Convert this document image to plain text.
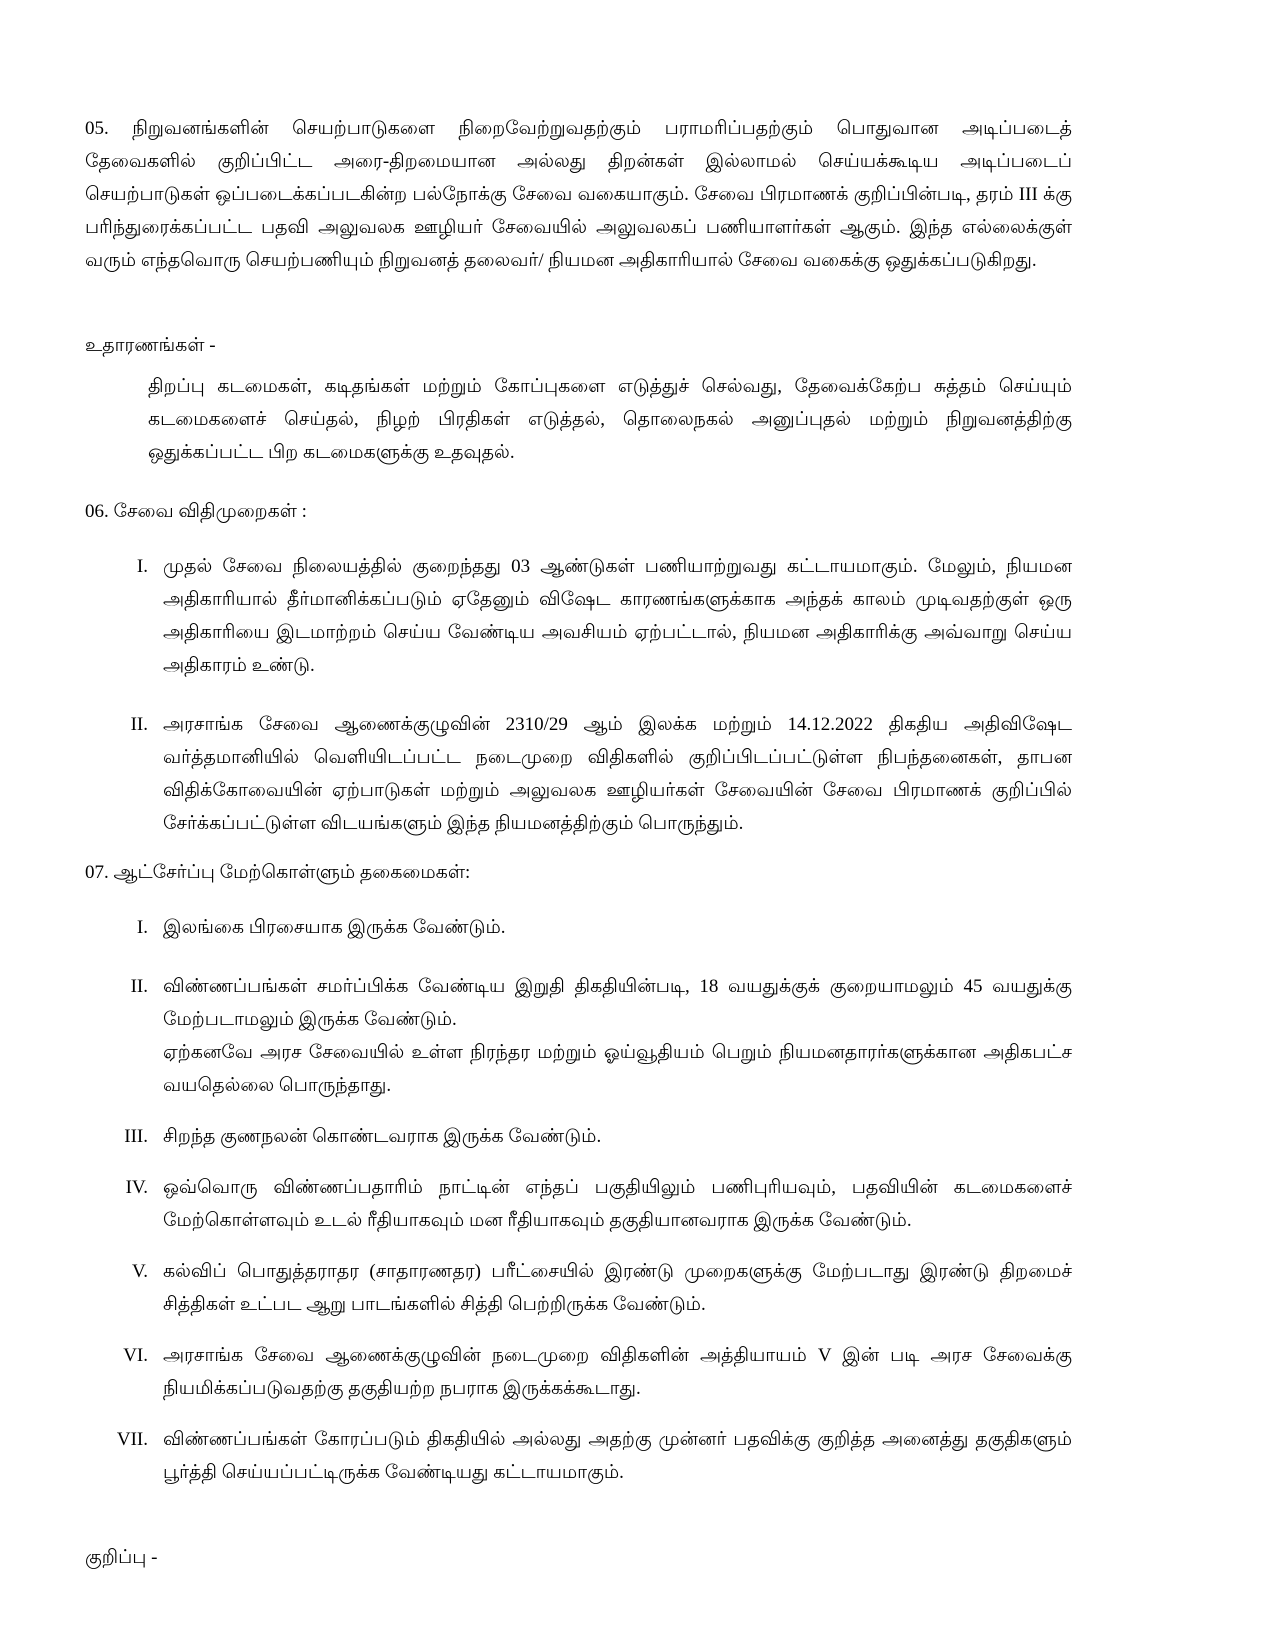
05. நிறுவனங்களின் செயற்பாடுகளை நிறைவேற்றுவதற்கும் பராமரிப்பதற்கும் பொதுவான அடிப்படைத் தேவைகளில் குறிப்பிட்ட அரை-திறமையான அல்லது திறன்கள் இல்லாமல் செய்யக்கூடிய அடிப்படைப் செயற்பாடுகள் ஒப்படைக்கப்படகின்ற பல்நோக்கு சேவை வகையாகும். சேவை பிரமாணக் குறிப்பின்படி, தரம் III க்கு பரிந்துரைக்கப்பட்ட பதவி அலுவலக ஊழியர் சேவையில் அலுவலகப் பணியாளர்கள் ஆகும். இந்த எல்லைக்குள் வரும் எந்தவொரு செயற்பணியும் நிறுவனத் தலைவர்/ நியமன அதிகாரியால் சேவை வகைக்கு ஒதுக்கப்படுகிறது.

உதாரணங்கள் -

திறப்பு கடமைகள், கடிதங்கள் மற்றும் கோப்புகளை எடுத்துச் செல்வது, தேவைக்கேற்ப சுத்தம் செய்யும் கடமைகளைச் செய்தல், நிழற் பிரதிகள் எடுத்தல், தொலைநகல் அனுப்புதல் மற்றும் நிறுவனத்திற்கு ஒதுக்கப்பட்ட பிற கடமைகளுக்கு உதவுதல்.

06. சேவை விதிமுறைகள் :

I. முதல் சேவை நிலையத்தில் குறைந்தது 03 ஆண்டுகள் பணியாற்றுவது கட்டாயமாகும். மேலும், நியமன அதிகாரியால் தீர்மானிக்கப்படும் ஏதேனும் விஷேட காரணங்களுக்காக அந்தக் காலம் முடிவதற்குள் ஒரு அதிகாரியை இடமாற்றம் செய்ய வேண்டிய அவசியம் ஏற்பட்டால், நியமன அதிகாரிக்கு அவ்வாறு செய்ய அதிகாரம் உண்டு.
II. அரசாங்க சேவை ஆணைக்குழுவின் 2310/29 ஆம் இலக்க மற்றும் 14.12.2022 திகதிய அதிவிஷேட வர்த்தமானியில் வெளியிடப்பட்ட நடைமுறை விதிகளில் குறிப்பிடப்பட்டுள்ள நிபந்தனைகள், தாபன விதிக்கோவையின் ஏற்பாடுகள் மற்றும் அலுவலக ஊழியர்கள் சேவையின் சேவை பிரமாணக் குறிப்பில் சேர்க்கப்பட்டுள்ள விடயங்களும் இந்த நியமனத்திற்கும் பொருந்தும்.

07. ஆட்சேர்ப்பு மேற்கொள்ளும் தகைமைகள்:

I. இலங்கை பிரசையாக இருக்க வேண்டும்.
II. விண்ணப்பங்கள் சமர்ப்பிக்க வேண்டிய இறுதி திகதியின்படி, 18 வயதுக்குக் குறையாமலும் 45 வயதுக்கு மேற்படாமலும் இருக்க வேண்டும்.
ஏற்கனவே அரச சேவையில் உள்ள நிரந்தர மற்றும் ஓய்வூதியம் பெறும் நியமனதாரர்களுக்கான அதிகபட்ச வயதெல்லை பொருந்தாது.
III. சிறந்த குணநலன் கொண்டவராக இருக்க வேண்டும்.
IV. ஒவ்வொரு விண்ணப்பதாரிம் நாட்டின் எந்தப் பகுதியிலும் பணிபுரியவும், பதவியின் கடமைகளைச் மேற்கொள்ளவும் உடல் ரீதியாகவும் மன ரீதியாகவும் தகுதியானவராக இருக்க வேண்டும்.
V. கல்விப் பொதுத்தராதர (சாதாரணதர) பரீட்சையில் இரண்டு முறைகளுக்கு மேற்படாது இரண்டு திறமைச் சித்திகள் உட்பட ஆறு பாடங்களில் சித்தி பெற்றிருக்க வேண்டும்.
VI. அரசாங்க சேவை ஆணைக்குழுவின் நடைமுறை விதிகளின் அத்தியாயம் V இன் படி அரச சேவைக்கு நியமிக்கப்படுவதற்கு தகுதியற்ற நபராக இருக்கக்கூடாது.
VII. விண்ணப்பங்கள் கோரப்படும் திகதியில் அல்லது அதற்கு முன்னர் பதவிக்கு குறித்த அனைத்து தகுதிகளும் பூர்த்தி செய்யப்பட்டிருக்க வேண்டியது கட்டாயமாகும்.

குறிப்பு -
